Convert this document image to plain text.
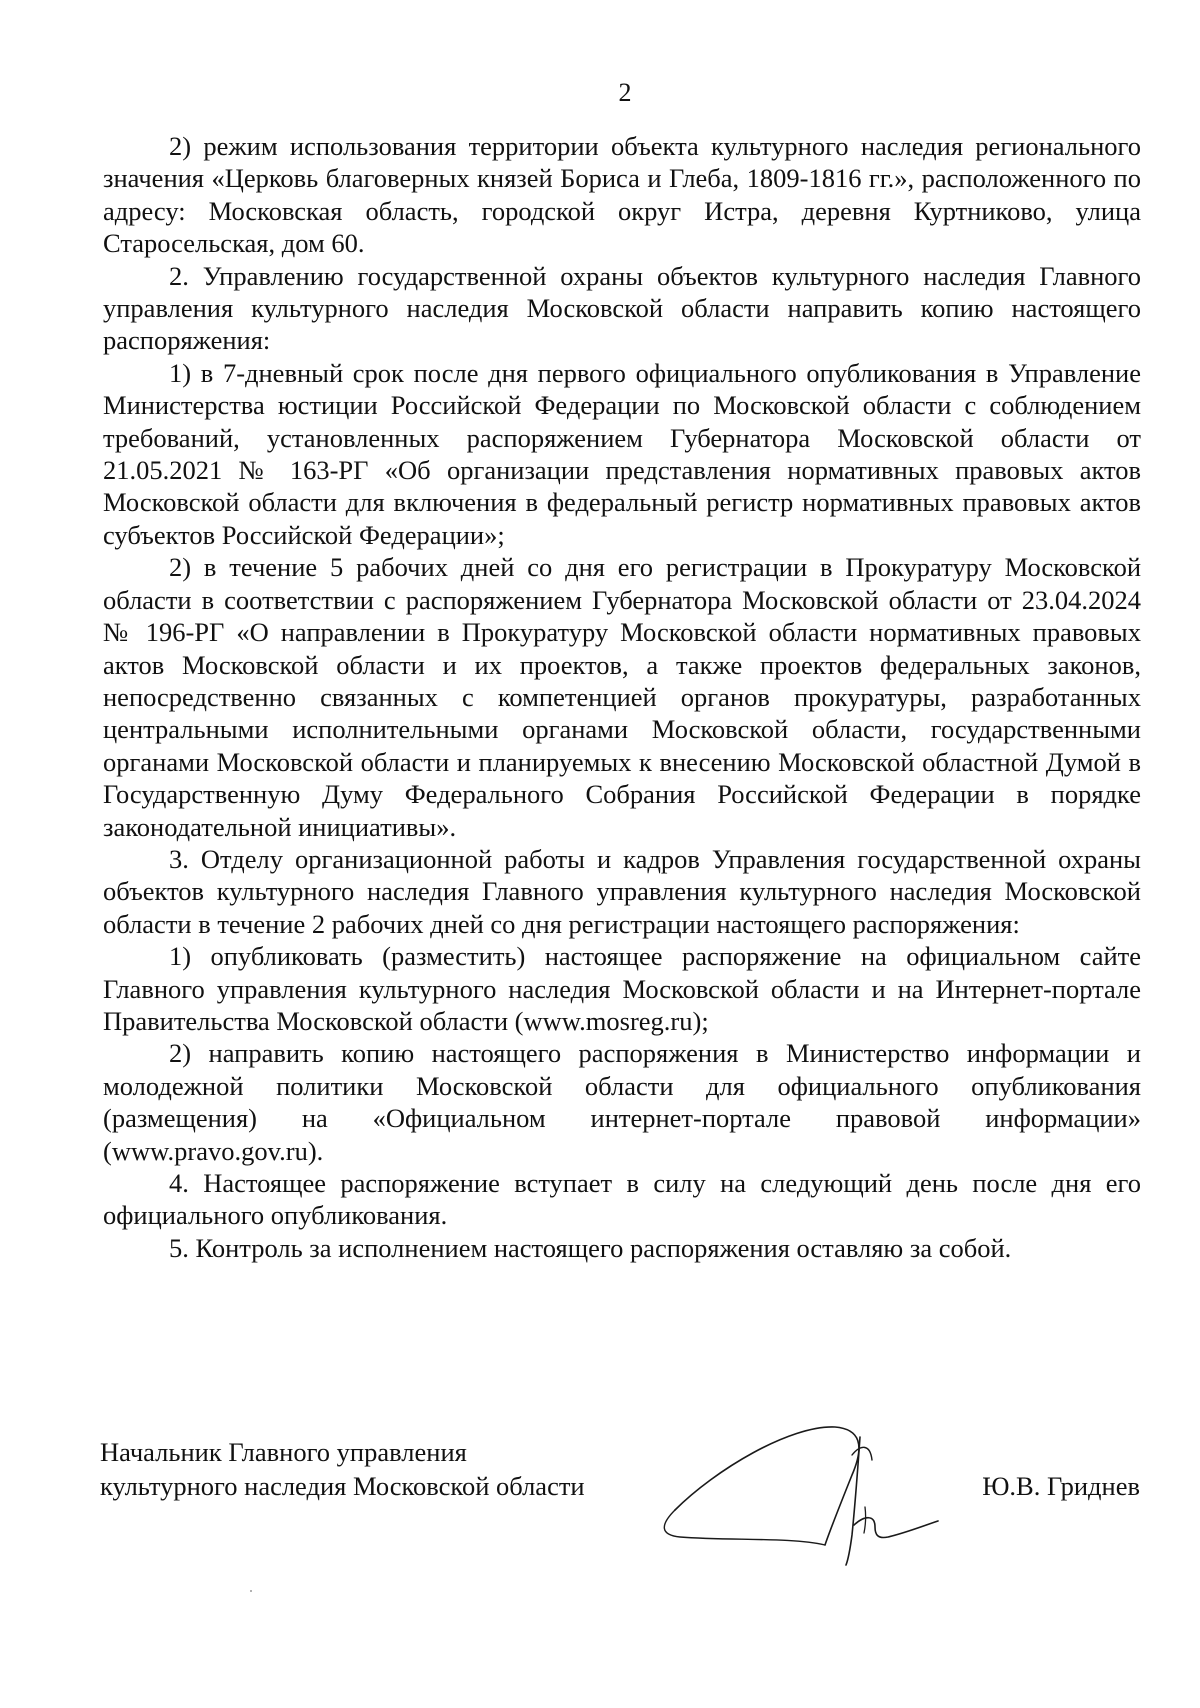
2

2) режим использования территории объекта культурного наследия регионального значения «Церковь благоверных князей Бориса и Глеба, 1809-1816 гг.», расположенного по адресу: Московская область, городской округ Истра, деревня Куртниково, улица Старосельская, дом 60.

2. Управлению государственной охраны объектов культурного наследия Главного управления культурного наследия Московской области направить копию настоящего распоряжения:

1) в 7-дневный срок после дня первого официального опубликования в Управление Министерства юстиции Российской Федерации по Московской области с соблюдением требований, установленных распоряжением Губернатора Московской области от 21.05.2021 № 163-РГ «Об организации представления нормативных правовых актов Московской области для включения в федеральный регистр нормативных правовых актов субъектов Российской Федерации»;

2) в течение 5 рабочих дней со дня его регистрации в Прокуратуру Московской области в соответствии с распоряжением Губернатора Московской области от 23.04.2024 № 196-РГ «О направлении в Прокуратуру Московской области нормативных правовых актов Московской области и их проектов, а также проектов федеральных законов, непосредственно связанных с компетенцией органов прокуратуры, разработанных центральными исполнительными органами Московской области, государственными органами Московской области и планируемых к внесению Московской областной Думой в Государственную Думу Федерального Собрания Российской Федерации в порядке законодательной инициативы».

3. Отделу организационной работы и кадров Управления государственной охраны объектов культурного наследия Главного управления культурного наследия Московской области в течение 2 рабочих дней со дня регистрации настоящего распоряжения:

1) опубликовать (разместить) настоящее распоряжение на официальном сайте Главного управления культурного наследия Московской области и на Интернет-портале Правительства Московской области (www.mosreg.ru);

2) направить копию настоящего распоряжения в Министерство информации и молодежной политики Московской области для официального опубликования (размещения) на «Официальном интернет-портале правовой информации» (www.pravo.gov.ru).

4. Настоящее распоряжение вступает в силу на следующий день после дня его официального опубликования.

5. Контроль за исполнением настоящего распоряжения оставляю за собой.

Начальник Главного управления
культурного наследия Московской области	Ю.В. Гриднев
